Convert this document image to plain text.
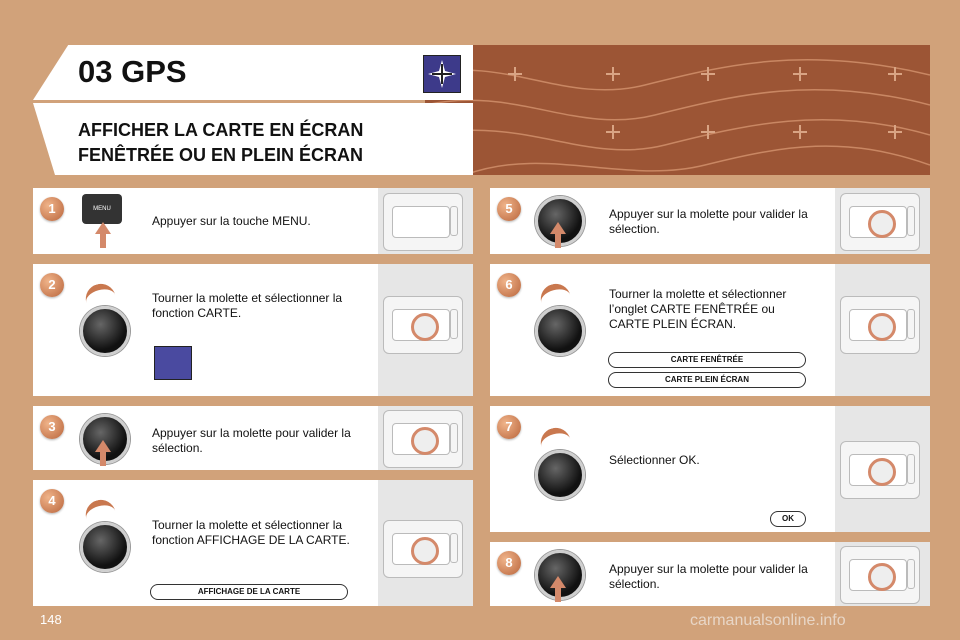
03 GPS
AFFICHER LA CARTE EN ÉCRAN
FENÊTRÉE OU EN PLEIN ÉCRAN
1	MENU
Appuyer sur la touche MENU.
2
Tourner la molette et sélectionner la fonction CARTE.
3	Appuyer sur la molette pour valider la sélection.
4
Tourner la molette et sélectionner la fonction AFFICHAGE DE LA CARTE.
AFFICHAGE DE LA CARTE
5	Appuyer sur la molette pour valider la sélection.
6
Tourner la molette et sélectionner l’onglet CARTE FENÊTRÉE ou CARTE PLEIN ÉCRAN.
CARTE FENÊTRÉE
CARTE PLEIN ÉCRAN
7
Sélectionner OK.
OK
8	Appuyer sur la molette pour valider la sélection.
148	carmanualsonline.info
